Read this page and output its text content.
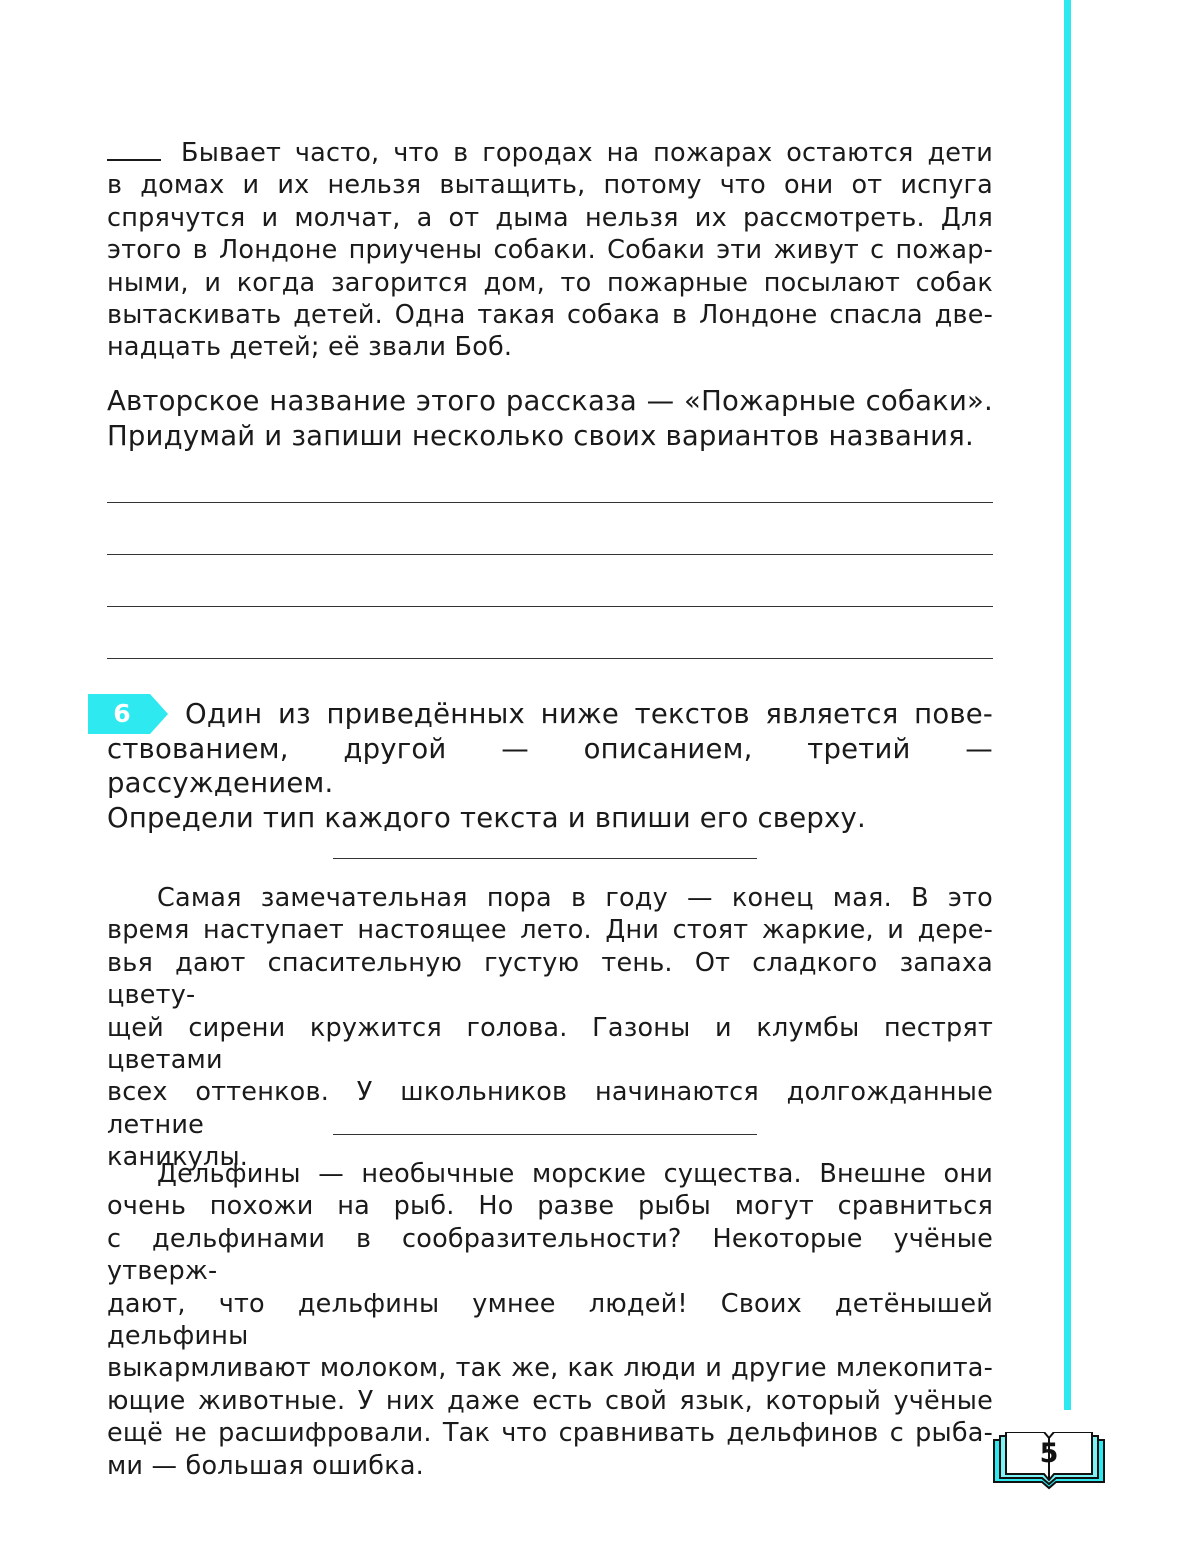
Бывает часто, что в городах на пожарах остаются дети

в домах и их нельзя вытащить, потому что они от испуга

спрячутся и молчат, а от дыма нельзя их рассмотреть. Для

этого в Лондоне приучены собаки. Собаки эти живут с пожар-

ными, и когда загорится дом, то пожарные посылают собак

вытаскивать детей. Одна такая собака в Лондоне спасла две-

надцать детей; её звали Боб.

Авторское название этого рассказа — «Пожарные собаки».

Придумай и запиши несколько своих вариантов названия.

6	Один из приведённых ниже текстов является пове-

ствованием, другой — описанием, третий — рассуждением.

Определи тип каждого текста и впиши его сверху.

Самая замечательная пора в году — конец мая. В это

время наступает настоящее лето. Дни стоят жаркие, и дере-

вья дают спасительную густую тень. От сладкого запаха цвету-

щей сирени кружится голова. Газоны и клумбы пестрят цветами

всех оттенков. У школьников начинаются долгожданные летние

каникулы.

Дельфины — необычные морские существа. Внешне они

очень похожи на рыб. Но разве рыбы могут сравниться

с дельфинами в сообразительности? Некоторые учёные утверж-

дают, что дельфины умнее людей! Своих детёнышей дельфины

выкармливают молоком, так же, как люди и другие млекопита-

ющие животные. У них даже есть свой язык, который учёные

ещё не расшифровали. Так что сравнивать дельфинов с рыба-

ми — большая ошибка.	5
